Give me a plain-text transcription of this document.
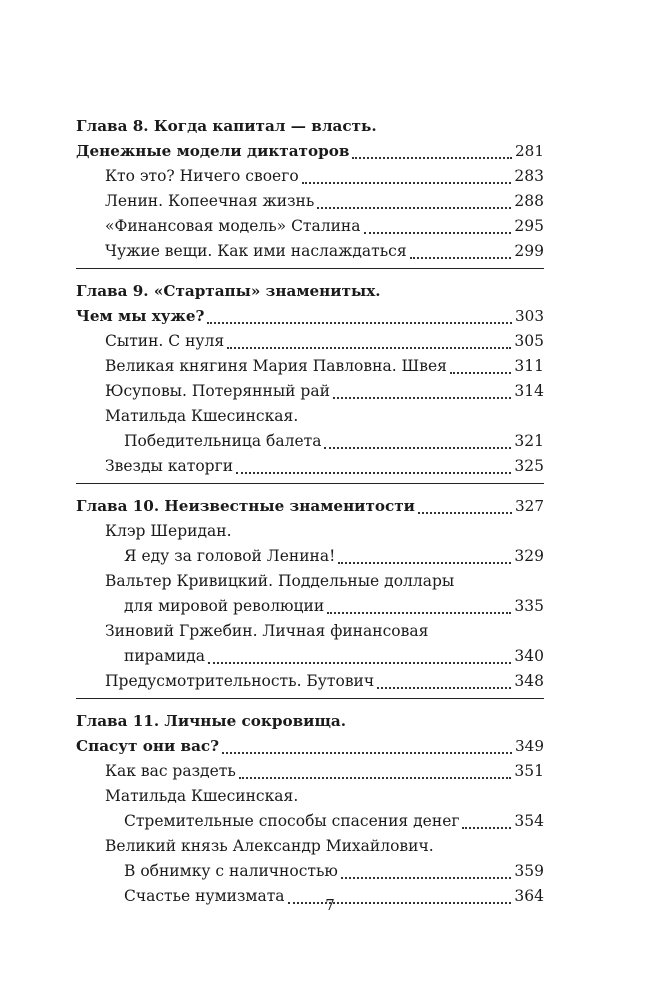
Глава 8. Когда капитал — власть.
Денежные модели диктаторов	281
Кто это? Ничего своего	283
Ленин. Копеечная жизнь	288
«Финансовая модель» Сталина	295
Чужие вещи. Как ими наслаждаться	299
Глава 9. «Стартапы» знаменитых.
Чем мы хуже?	303
Сытин. С нуля	305
Великая княгиня Мария Павловна. Швея	311
Юсуповы. Потерянный рай	314
Матильда Кшесинская.
Победительница балета	321
Звезды каторги	325
Глава 10. Неизвестные знаменитости	327
Клэр Шеридан.
Я еду за головой Ленина!	329
Вальтер Кривицкий. Поддельные доллары
для мировой революции	335
Зиновий Гржебин. Личная финансовая
пирамида	340
Предусмотрительность. Бутович	348
Глава 11. Личные сокровища.
Спасут они вас?	349
Как вас раздеть	351
Матильда Кшесинская.
Стремительные способы спасения денег	354
Великий князь Александр Михайлович.
В обнимку с наличностью	359
Счастье нумизмата	364
7
